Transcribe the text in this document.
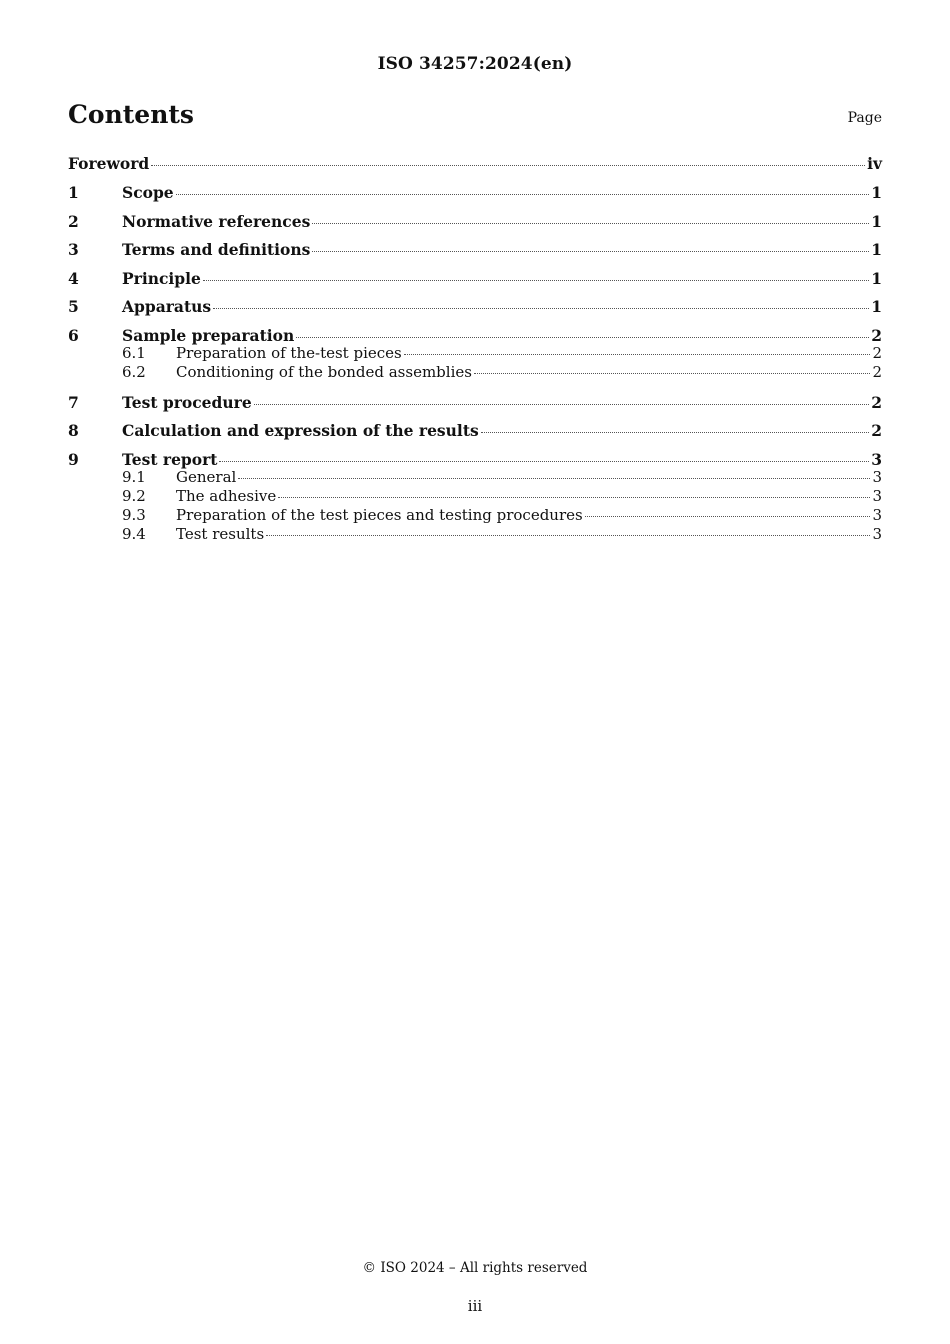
ISO 34257:2024(en)
Contents	Page
Foreword	iv
1	Scope	1
2	Normative references	1
3	Terms and definitions	1
4	Principle	1
5	Apparatus	1
6	Sample preparation	2
6.1	Preparation of the-test pieces	2
6.2	Conditioning of the bonded assemblies	2
7	Test procedure	2
8	Calculation and expression of the results	2
9	Test report	3
9.1	General	3
9.2	The adhesive	3
9.3	Preparation of the test pieces and testing procedures	3
9.4	Test results	3
© ISO 2024 – All rights reserved
iii
